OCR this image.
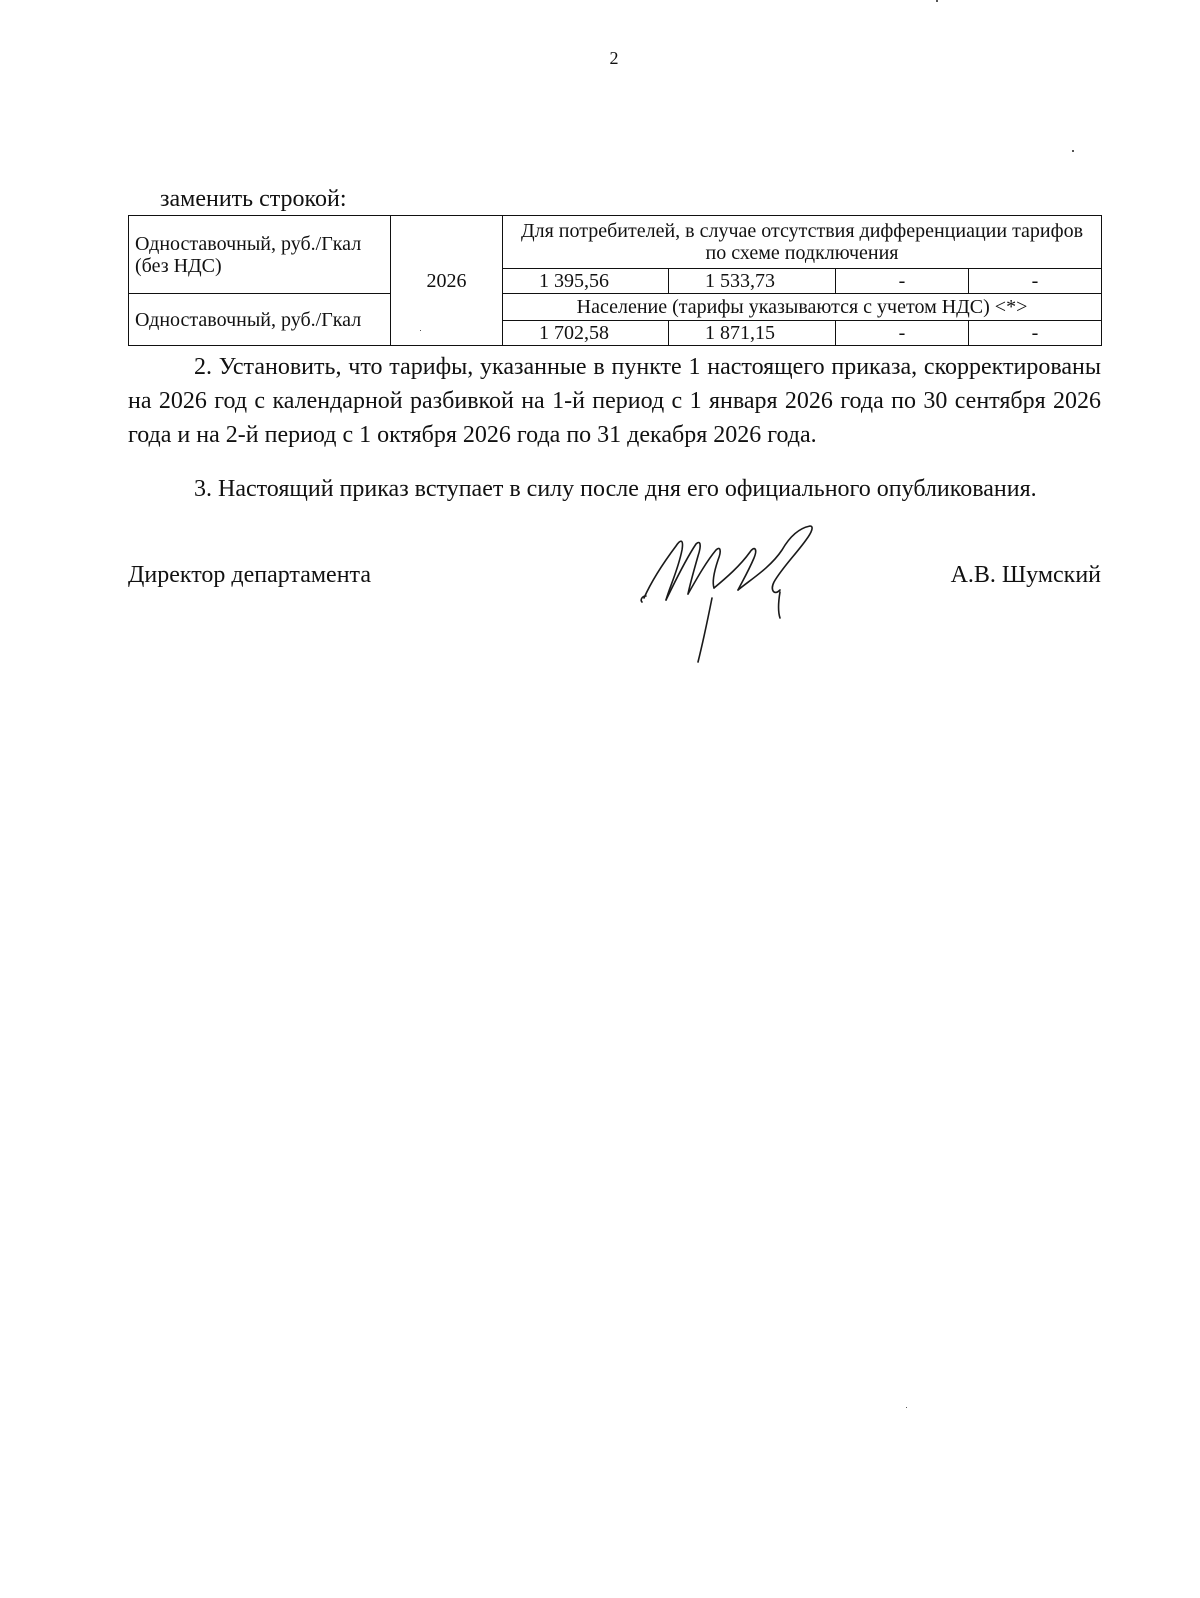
2
заменить строкой:
Одноставочный, руб./Гкал (без НДС)	2026	Для потребителей, в случае отсутствия дифференциации тарифов по схеме подключения			
		1 395,56	1 533,73	-	-
Одноставочный, руб./Гкал		Население (тарифы указываются с учетом НДС) <*>			
		1 702,58	1 871,15	-	-
2. Установить, что тарифы, указанные в пункте 1 настоящего приказа, скорректированы на 2026 год с календарной разбивкой на 1-й период с 1 января 2026 года по 30 сентября 2026 года и на 2-й период с 1 октября 2026 года по 31 декабря 2026 года.
3. Настоящий приказ вступает в силу после дня его официального опубликования.
Директор департамента	А.В. Шумский
